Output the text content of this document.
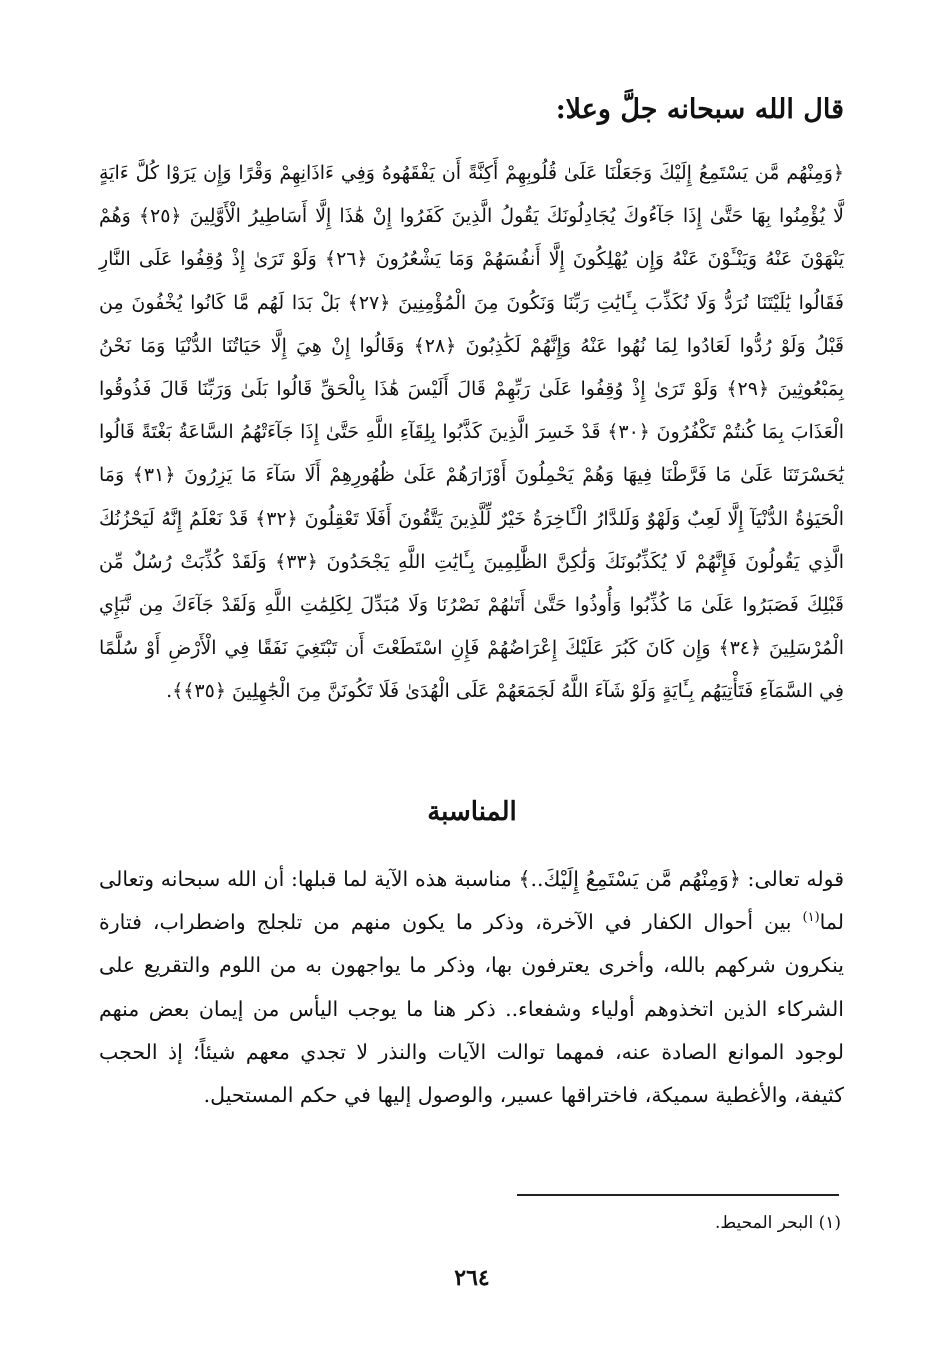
قال الله سبحانه جلَّ وعلا:

﴿وَمِنْهُم مَّن يَسْتَمِعُ إِلَيْكَ وَجَعَلْنَا عَلَىٰ قُلُوبِهِمْ أَكِنَّةً أَن يَفْقَهُوهُ وَفِي ءَاذَانِهِمْ وَقْرًا وَإِن يَرَوْا كُلَّ ءَايَةٍ لَّا يُؤْمِنُوا بِهَا حَتَّىٰ إِذَا جَآءُوكَ يُجَادِلُونَكَ يَقُولُ الَّذِينَ كَفَرُوا إِنْ هَٰذَا إِلَّا أَسَاطِيرُ الْأَوَّلِينَ ﴿٢٥﴾ وَهُمْ يَنْهَوْنَ عَنْهُ وَيَنْـَٔوْنَ عَنْهُ وَإِن يُهْلِكُونَ إِلَّا أَنفُسَهُمْ وَمَا يَشْعُرُونَ ﴿٢٦﴾ وَلَوْ تَرَىٰ إِذْ وُقِفُوا عَلَى النَّارِ فَقَالُوا يَٰلَيْتَنَا نُرَدُّ وَلَا نُكَذِّبَ بِـَٔايَٰتِ رَبِّنَا وَنَكُونَ مِنَ الْمُؤْمِنِينَ ﴿٢٧﴾ بَلْ بَدَا لَهُم مَّا كَانُوا يُخْفُونَ مِن قَبْلُ وَلَوْ رُدُّوا لَعَادُوا لِمَا نُهُوا عَنْهُ وَإِنَّهُمْ لَكَٰذِبُونَ ﴿٢٨﴾ وَقَالُوا إِنْ هِيَ إِلَّا حَيَاتُنَا الدُّنْيَا وَمَا نَحْنُ بِمَبْعُوثِينَ ﴿٢٩﴾ وَلَوْ تَرَىٰ إِذْ وُقِفُوا عَلَىٰ رَبِّهِمْ قَالَ أَلَيْسَ هَٰذَا بِالْحَقِّ قَالُوا بَلَىٰ وَرَبِّنَا قَالَ فَذُوقُوا الْعَذَابَ بِمَا كُنتُمْ تَكْفُرُونَ ﴿٣٠﴾ قَدْ خَسِرَ الَّذِينَ كَذَّبُوا بِلِقَآءِ اللَّهِ حَتَّىٰ إِذَا جَآءَتْهُمُ السَّاعَةُ بَغْتَةً قَالُوا يَٰحَسْرَتَنَا عَلَىٰ مَا فَرَّطْنَا فِيهَا وَهُمْ يَحْمِلُونَ أَوْزَارَهُمْ عَلَىٰ ظُهُورِهِمْ أَلَا سَآءَ مَا يَزِرُونَ ﴿٣١﴾ وَمَا الْحَيَوٰةُ الدُّنْيَآ إِلَّا لَعِبٌ وَلَهْوٌ وَلَلدَّارُ الْـَٔاخِرَةُ خَيْرٌ لِّلَّذِينَ يَتَّقُونَ أَفَلَا تَعْقِلُونَ ﴿٣٢﴾ قَدْ نَعْلَمُ إِنَّهُ لَيَحْزُنُكَ الَّذِي يَقُولُونَ فَإِنَّهُمْ لَا يُكَذِّبُونَكَ وَلَٰكِنَّ الظَّٰلِمِينَ بِـَٔايَٰتِ اللَّهِ يَجْحَدُونَ ﴿٣٣﴾ وَلَقَدْ كُذِّبَتْ رُسُلٌ مِّن قَبْلِكَ فَصَبَرُوا عَلَىٰ مَا كُذِّبُوا وَأُوذُوا حَتَّىٰ أَتَىٰهُمْ نَصْرُنَا وَلَا مُبَدِّلَ لِكَلِمَٰتِ اللَّهِ وَلَقَدْ جَآءَكَ مِن نَّبَإِي الْمُرْسَلِينَ ﴿٣٤﴾ وَإِن كَانَ كَبُرَ عَلَيْكَ إِعْرَاضُهُمْ فَإِنِ اسْتَطَعْتَ أَن تَبْتَغِيَ نَفَقًا فِي الْأَرْضِ أَوْ سُلَّمًا فِي السَّمَآءِ فَتَأْتِيَهُم بِـَٔايَةٍ وَلَوْ شَآءَ اللَّهُ لَجَمَعَهُمْ عَلَى الْهُدَىٰ فَلَا تَكُونَنَّ مِنَ الْجَٰهِلِينَ ﴿٣٥﴾﴾.

المناسبة

قوله تعالى: ﴿وَمِنْهُم مَّن يَسْتَمِعُ إِلَيْكَ..﴾ مناسبة هذه الآية لما قبلها: أن الله سبحانه وتعالى لما$^{(١)}$ بين أحوال الكفار في الآخرة، وذكر ما يكون منهم من تلجلج واضطراب، فتارة ينكرون شركهم بالله، وأخرى يعترفون بها، وذكر ما يواجهون به من اللوم والتقريع على الشركاء الذين اتخذوهم أولياء وشفعاء.. ذكر هنا ما يوجب اليأس من إيمان بعض منهم لوجود الموانع الصادة عنه، فمهما توالت الآيات والنذر لا تجدي معهم شيئاً؛ إذ الحجب كثيفة، والأغطية سميكة، فاختراقها عسير، والوصول إليها في حكم المستحيل.

(١) البحر المحيط.

٢٦٤
